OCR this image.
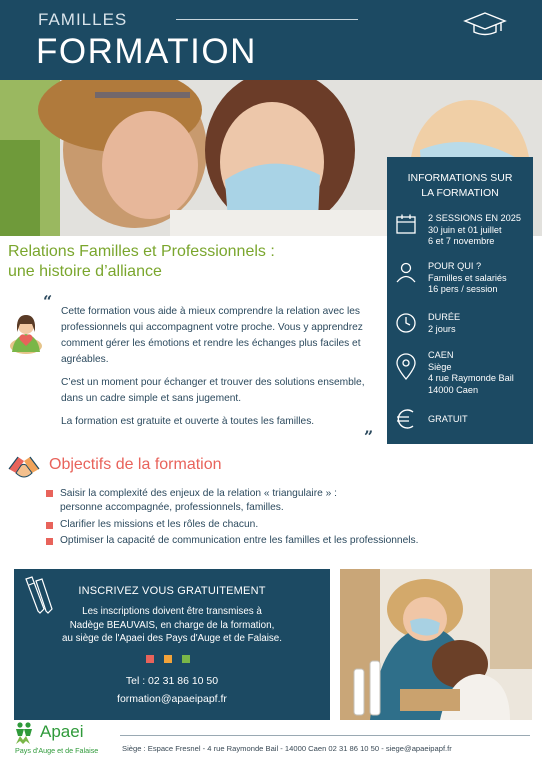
FAMILLES
FORMATION
INFORMATIONS SUR
LA FORMATION
2 SESSIONS EN 2025
30 juin et 01 juillet
6 et 7 novembre
POUR QUI ?
Familles et salariés
16 pers / session
DURÉE
2 jours
CAEN
Siège
4 rue Raymonde Bail
14000 Caen
GRATUIT
Relations Familles et Professionnels :
une histoire d’alliance
“
Cette formation vous aide à mieux comprendre la relation avec les professionnels qui accompagnent votre proche. Vous y apprendrez comment gérer les émotions et rendre les échanges plus faciles et agréables.
C’est un moment pour échanger et trouver des solutions ensemble, dans un cadre simple et sans jugement.
La formation est gratuite et ouverte à toutes les familles.
”
Objectifs de la formation
Saisir la complexité des enjeux de la relation « triangulaire » :
personne accompagnée, professionnels, familles.
Clarifier les missions et les rôles de chacun.
Optimiser la capacité de communication entre les familles et les professionnels.
INSCRIVEZ VOUS GRATUITEMENT
Les inscriptions doivent être transmises à
Nadège BEAUVAIS, en charge de la formation,
au siège de l'Apaei des Pays d'Auge et de Falaise.
Tel : 02 31 86 10 50
formation@apaeipapf.fr
Apaei
Pays d'Auge et de Falaise	Siège : Espace Fresnel - 4 rue Raymonde Bail - 14000 Caen 02 31 86 10 50 - siege@apaeipapf.fr
